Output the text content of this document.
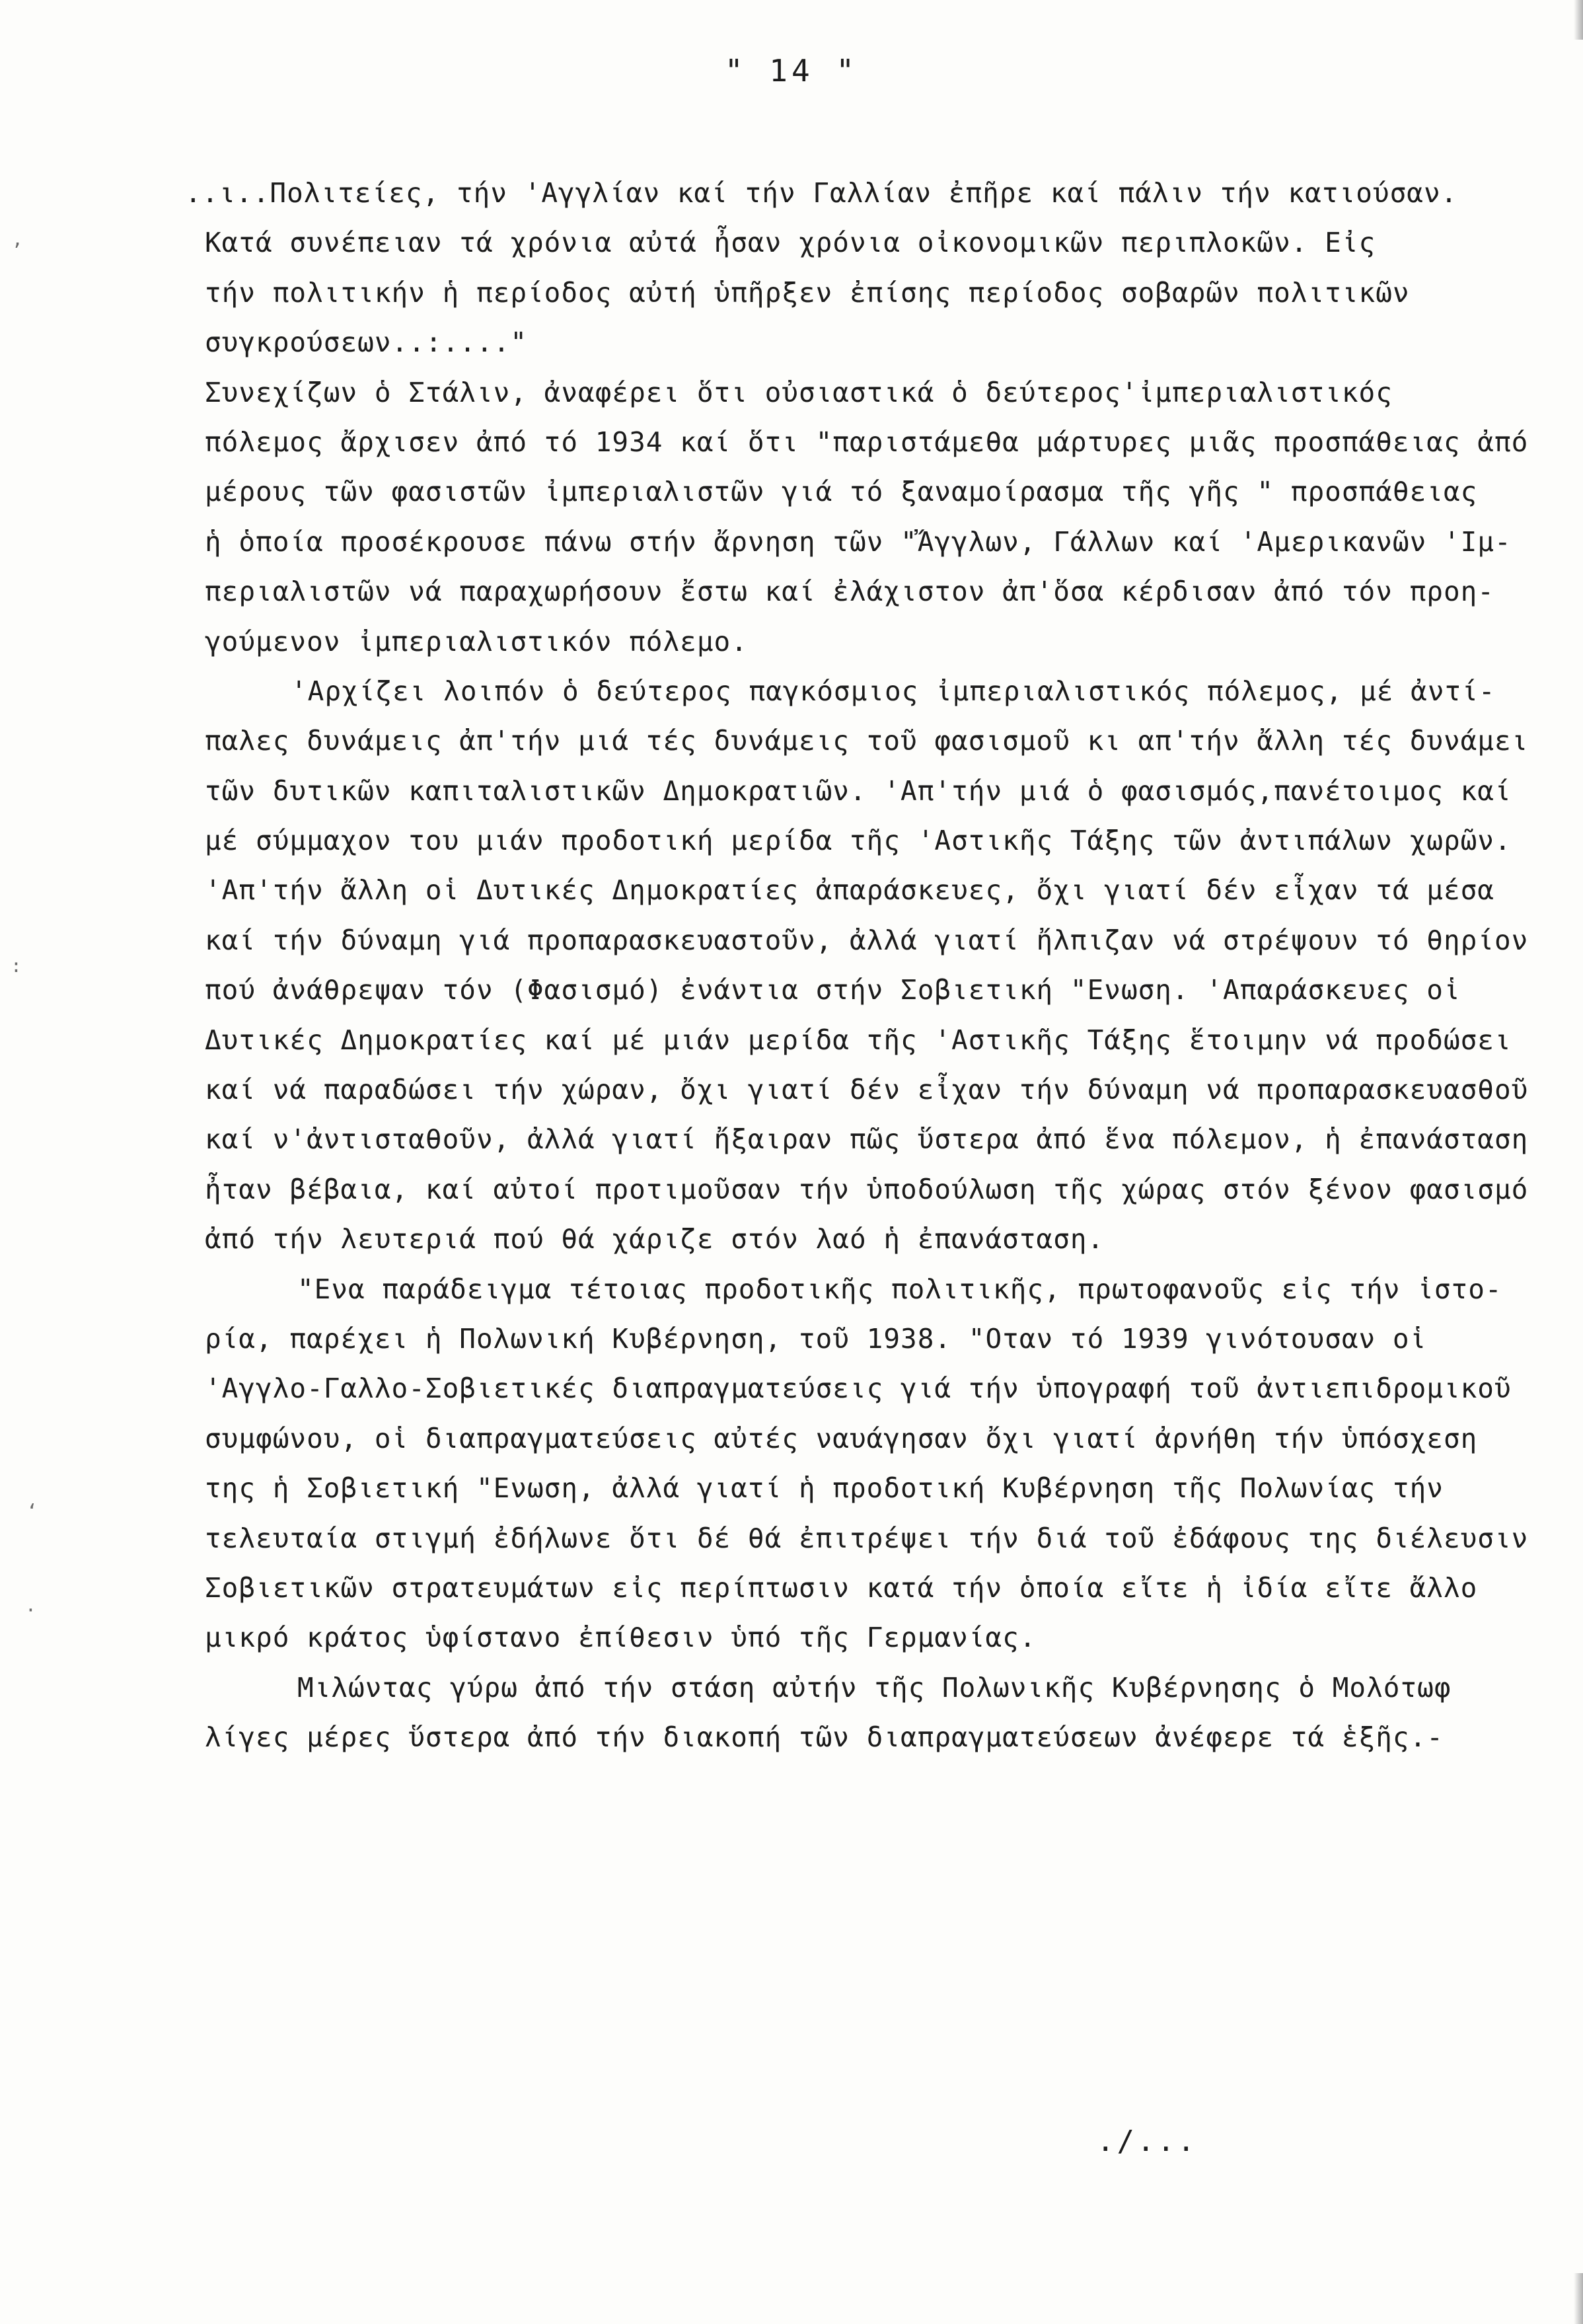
" 14 "
..ι..Πολιτείες, τήν 'Αγγλίαν καί τήν Γαλλίαν ἐπῆρε καί πάλιν τήν κατιούσαν.
Κατά συνέπειαν τά χρόνια αὐτά ἦσαν χρόνια οἰκονομικῶν περιπλοκῶν. Εἰς
τήν πολιτικήν ἡ περίοδος αὐτή ὑπῆρξεν ἐπίσης περίοδος σοβαρῶν πολιτικῶν
συγκρούσεων..:...."
Συνεχίζων ὁ Στάλιν, ἀναφέρει ὅτι οὐσιαστικά ὁ δεύτερος'ἰμπεριαλιστικός
πόλεμος ἄρχισεν ἀπό τό 1934 καί ὅτι "παριστάμεθα μάρτυρες μιᾶς προσπάθειας ἀπό
μέρους τῶν φασιστῶν ἰμπεριαλιστῶν γιά τό ξαναμοίρασμα τῆς γῆς " προσπάθειας
ἡ ὁποία προσέκρουσε πάνω στήν ἄρνηση τῶν "Ἄγγλων, Γάλλων καί 'Αμερικανῶν 'Ιμ-
περιαλιστῶν νά παραχωρήσουν ἔστω καί ἐλάχιστον ἀπ'ὅσα κέρδισαν ἀπό τόν προη-
γούμενον ἰμπεριαλιστικόν πόλεμο.
'Αρχίζει λοιπόν ὁ δεύτερος παγκόσμιος ἰμπεριαλιστικός πόλεμος, μέ ἀντί-
παλες δυνάμεις ἀπ'τήν μιά τές δυνάμεις τοῦ φασισμοῦ κι απ'τήν ἄλλη τές δυνάμει
τῶν δυτικῶν καπιταλιστικῶν Δημοκρατιῶν. 'Απ'τήν μιά ὁ φασισμός,πανέτοιμος καί
μέ σύμμαχον του μιάν προδοτική μερίδα τῆς 'Αστικῆς Τάξης τῶν ἀντιπάλων χωρῶν.
'Απ'τήν ἄλλη οἱ Δυτικές Δημοκρατίες ἀπαράσκευες, ὄχι γιατί δέν εἶχαν τά μέσα
καί τήν δύναμη γιά προπαρασκευαστοῦν, ἀλλά γιατί ἤλπιζαν νά στρέψουν τό θηρίον
πού ἀνάθρεψαν τόν (Φασισμό) ἐνάντια στήν Σοβιετική "Ενωση. 'Απαράσκευες οἱ
Δυτικές Δημοκρατίες καί μέ μιάν μερίδα τῆς 'Αστικῆς Τάξης ἕτοιμην νά προδώσει
καί νά παραδώσει τήν χώραν, ὄχι γιατί δέν εἶχαν τήν δύναμη νά προπαρασκευασθοῦ
καί ν'ἀντισταθοῦν, ἀλλά γιατί ἤξαιραν πῶς ὕστερα ἀπό ἕνα πόλεμον, ἡ ἐπανάσταση
ἦταν βέβαια, καί αὐτοί προτιμοῦσαν τήν ὑποδούλωση τῆς χώρας στόν ξένον φασισμό
ἀπό τήν λευτεριά πού θά χάριζε στόν λαό ἡ ἐπανάσταση.
"Ενα παράδειγμα τέτοιας προδοτικῆς πολιτικῆς, πρωτοφανοῦς εἰς τήν ἱστο-
ρία, παρέχει ἡ Πολωνική Κυβέρνηση, τοῦ 1938. "Οταν τό 1939 γινότουσαν οἱ
'Αγγλο-Γαλλο-Σοβιετικές διαπραγματεύσεις γιά τήν ὑπογραφή τοῦ ἀντιεπιδρομικοῦ
συμφώνου, οἱ διαπραγματεύσεις αὐτές ναυάγησαν ὄχι γιατί ἀρνήθη τήν ὑπόσχεση
της ἡ Σοβιετική "Ενωση, ἀλλά γιατί ἡ προδοτική Κυβέρνηση τῆς Πολωνίας τήν
τελευταία στιγμή ἐδήλωνε ὅτι δέ θά ἐπιτρέψει τήν διά τοῦ ἐδάφους της διέλευσιν
Σοβιετικῶν στρατευμάτων εἰς περίπτωσιν κατά τήν ὁποία εἴτε ἡ ἰδία εἴτε ἄλλο
μικρό κράτος ὑφίστανο ἐπίθεσιν ὑπό τῆς Γερμανίας.
Μιλώντας γύρω ἀπό τήν στάση αὐτήν τῆς Πολωνικῆς Κυβέρνησης ὁ Μολότωφ
λίγες μέρες ὕστερα ἀπό τήν διακοπή τῶν διαπραγματεύσεων ἀνέφερε τά ἑξῆς.-
./...
‚
:
‘
·
